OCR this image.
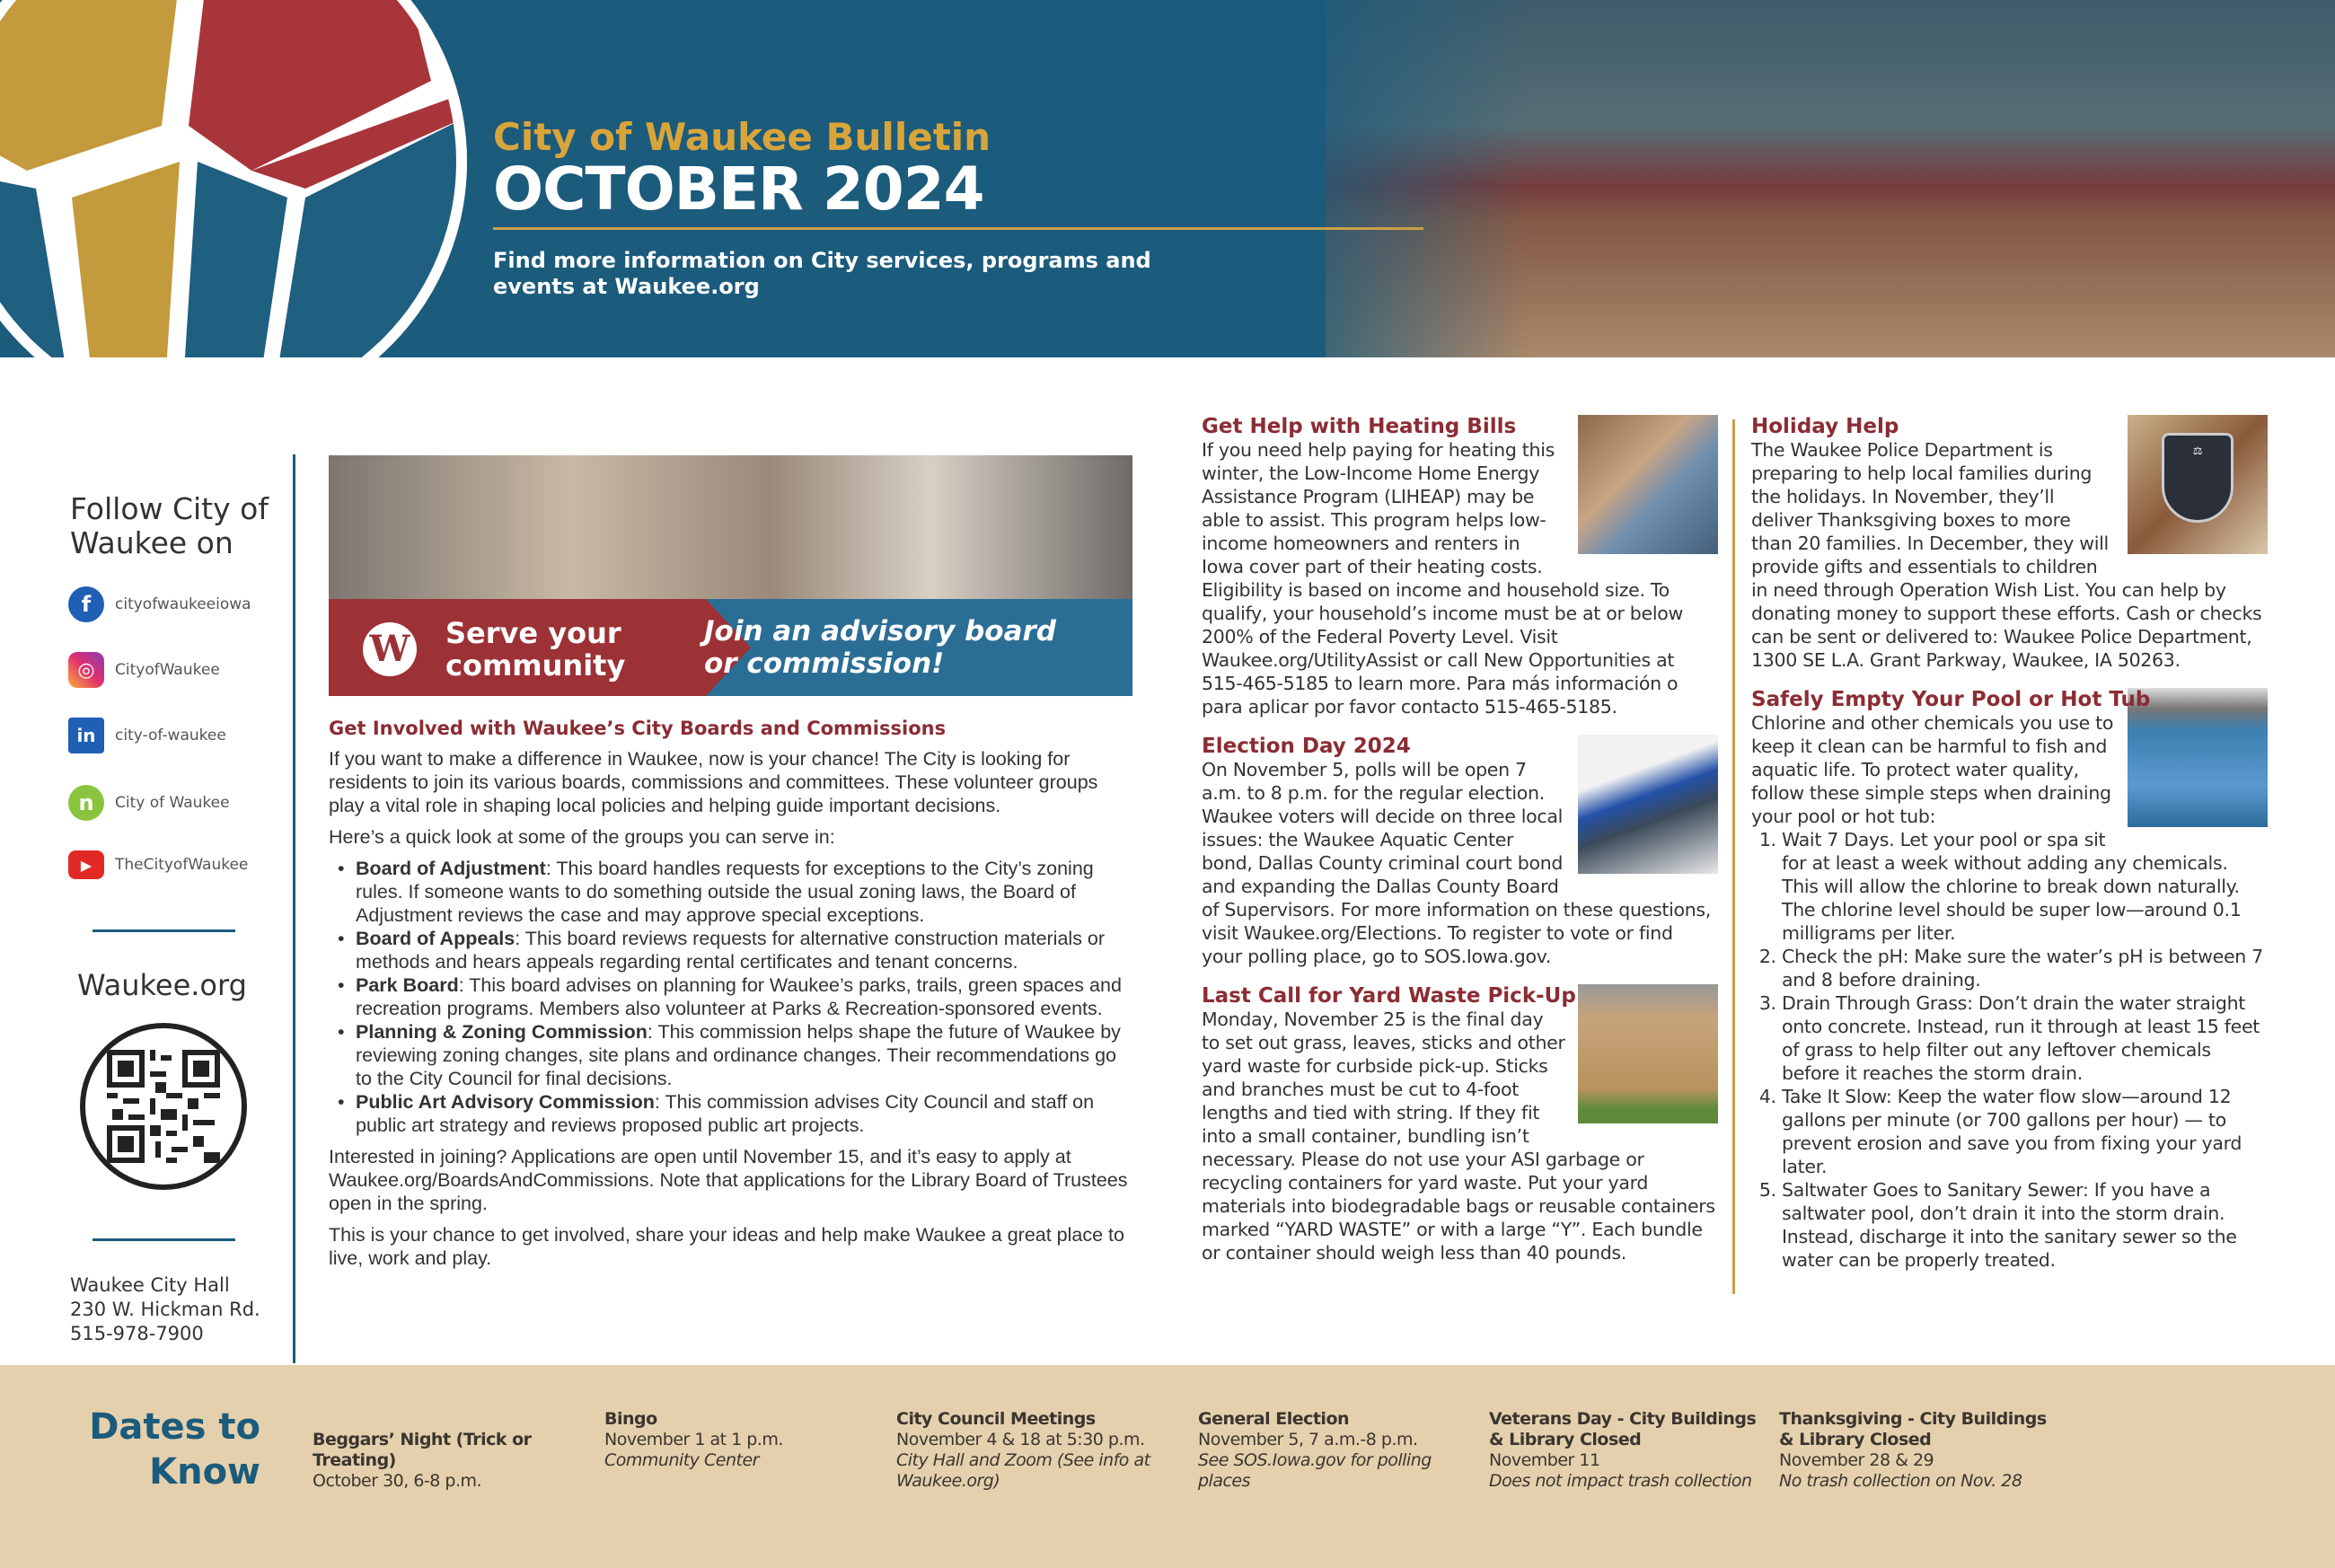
City of Waukee Bulletin
OCTOBER 2024
Find more information on City services, programs and events at Waukee.org
Follow City of Waukee on
f	cityofwaukeeiowa
◎	CityofWaukee
in	city-of-waukee
n	City of Waukee
▶	TheCityofWaukee
Waukee.org
Waukee City Hall
230 W. Hickman Rd.
515-978-7900
W Serve your community
Join an advisory board or commission!
Get Involved with Waukee’s City Boards and Commissions

If you want to make a difference in Waukee, now is your chance! The City is looking for residents to join its various boards, commissions and committees. These volunteer groups play a vital role in shaping local policies and helping guide important decisions.

Here’s a quick look at some of the groups you can serve in:

• Board of Adjustment: This board handles requests for exceptions to the City’s zoning rules. If someone wants to do something outside the usual zoning laws, the Board of Adjustment reviews the case and may approve special exceptions.
• Board of Appeals: This board reviews requests for alternative construction materials or methods and hears appeals regarding rental certificates and tenant concerns.
• Park Board: This board advises on planning for Waukee’s parks, trails, green spaces and recreation programs. Members also volunteer at Parks & Recreation-sponsored events.
• Planning & Zoning Commission: This commission helps shape the future of Waukee by reviewing zoning changes, site plans and ordinance changes. Their recommendations go to the City Council for final decisions.
• Public Art Advisory Commission: This commission advises City Council and staff on public art strategy and reviews proposed public art projects.

Interested in joining? Applications are open until November 15, and it’s easy to apply at Waukee.org/BoardsAndCommissions. Note that applications for the Library Board of Trustees open in the spring.

This is your chance to get involved, share your ideas and help make Waukee a great place to live, work and play.

Get Help with Heating Bills
If you need help paying for heating this winter, the Low-Income Home Energy Assistance Program (LIHEAP) may be able to assist. This program helps low-income homeowners and renters in Iowa cover part of their heating costs. Eligibility is based on income and household size. To qualify, your household’s income must be at or below 200% of the Federal Poverty Level. Visit Waukee.org/UtilityAssist or call New Opportunities at 515-465-5185 to learn more. Para más información o para aplicar por favor contacto 515-465-5185.
Election Day 2024
On November 5, polls will be open 7 a.m. to 8 p.m. for the regular election. Waukee voters will decide on three local issues: the Waukee Aquatic Center bond, Dallas County criminal court bond and expanding the Dallas County Board of Supervisors. For more information on these questions, visit Waukee.org/Elections. To register to vote or find your polling place, go to SOS.Iowa.gov.
Last Call for Yard Waste Pick-Up
Monday, November 25 is the final day to set out grass, leaves, sticks and other yard waste for curbside pick-up. Sticks and branches must be cut to 4-foot lengths and tied with string. If they fit into a small container, bundling isn’t necessary. Please do not use your ASI garbage or recycling containers for yard waste. Put your yard materials into biodegradable bags or reusable containers marked “YARD WASTE” or with a large “Y”. Each bundle or container should weigh less than 40 pounds.
Holiday Help
⚖
The Waukee Police Department is preparing to help local families during the holidays. In November, they’ll deliver Thanksgiving boxes to more than 20 families. In December, they will provide gifts and essentials to children in need through Operation Wish List. You can help by donating money to support these efforts. Cash or checks can be sent or delivered to: Waukee Police Department, 1300 SE L.A. Grant Parkway, Waukee, IA 50263.
Safely Empty Your Pool or Hot Tub
Chlorine and other chemicals you use to keep it clean can be harmful to fish and aquatic life. To protect water quality, follow these simple steps when draining your pool or hot tub:
1. Wait 7 Days. Let your pool or spa sit for at least a week without adding any chemicals. This will allow the chlorine to break down naturally. The chlorine level should be super low—around 0.1 milligrams per liter.
2. Check the pH: Make sure the water’s pH is between 7 and 8 before draining.
3. Drain Through Grass: Don’t drain the water straight onto concrete. Instead, run it through at least 15 feet of grass to help filter out any leftover chemicals before it reaches the storm drain.
4. Take It Slow: Keep the water flow slow—around 12 gallons per minute (or 700 gallons per hour) — to prevent erosion and save you from fixing your yard later.
5. Saltwater Goes to Sanitary Sewer: If you have a saltwater pool, don’t drain it into the storm drain. Instead, discharge it into the sanitary sewer so the water can be properly treated.
Dates to
Know
Beggars’ Night (Trick or Treating)
October 30, 6-8 p.m.
Bingo
November 1 at 1 p.m.
Community Center
City Council Meetings
November 4 & 18 at 5:30 p.m.
City Hall and Zoom (See info at Waukee.org)
General Election
November 5, 7 a.m.-8 p.m.
See SOS.Iowa.gov for polling places
Veterans Day - City Buildings & Library Closed
November 11
Does not impact trash collection
Thanksgiving - City Buildings & Library Closed
November 28 & 29
No trash collection on Nov. 28
